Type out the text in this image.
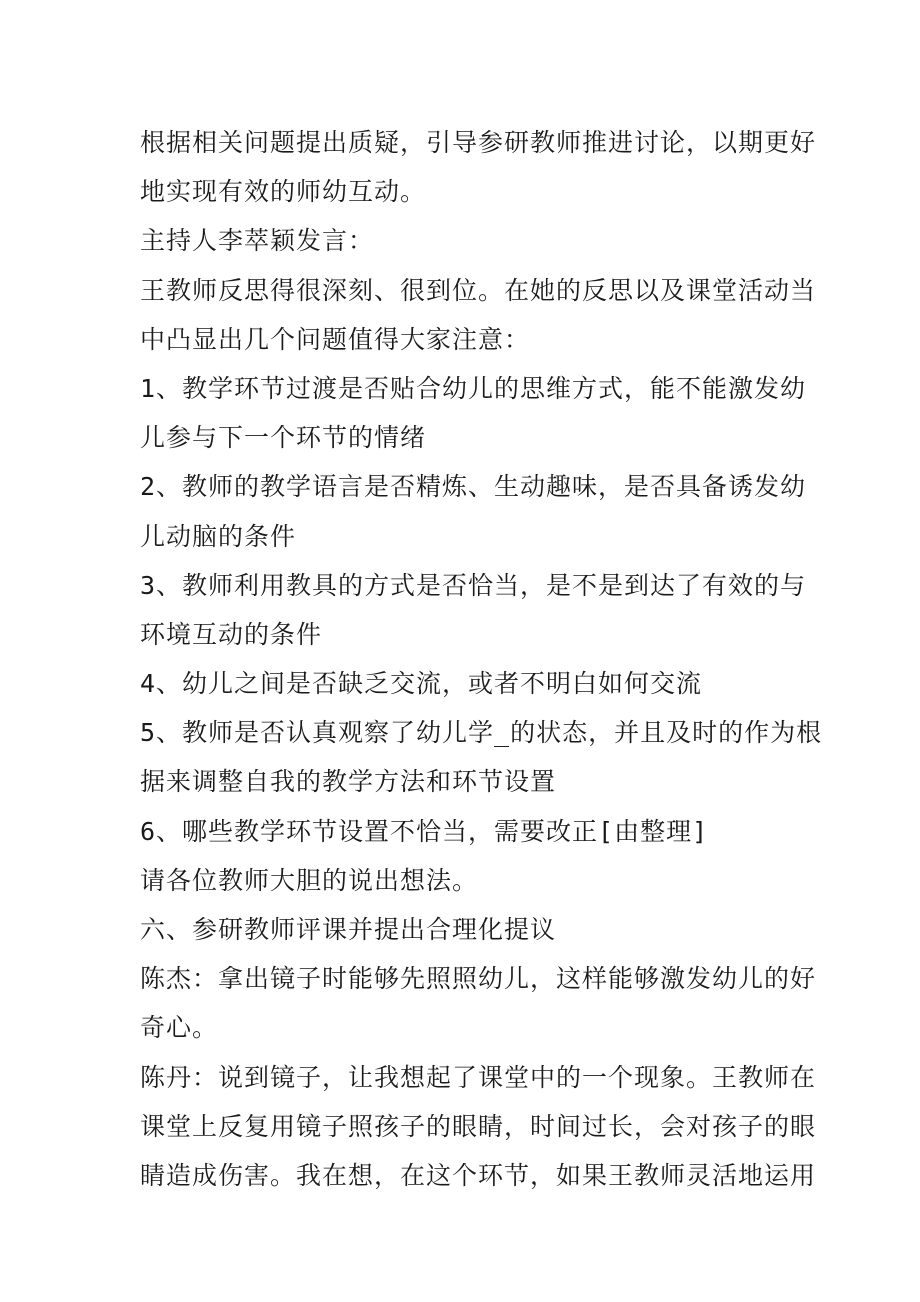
根据相关问题提出质疑，引导参研教师推进讨论，以期更好

地实现有效的师幼互动。

主持人李萃颖发言：

王教师反思得很深刻、很到位。在她的反思以及课堂活动当

中凸显出几个问题值得大家注意：

1、教学环节过渡是否贴合幼儿的思维方式，能不能激发幼

儿参与下一个环节的情绪

2、教师的教学语言是否精炼、生动趣味，是否具备诱发幼

儿动脑的条件

3、教师利用教具的方式是否恰当，是不是到达了有效的与

环境互动的条件

4、幼儿之间是否缺乏交流，或者不明白如何交流

5、教师是否认真观察了幼儿学_的状态，并且及时的作为根

据来调整自我的教学方法和环节设置

6、哪些教学环节设置不恰当，需要改正[由整理]

请各位教师大胆的说出想法。

六、参研教师评课并提出合理化提议

陈杰：拿出镜子时能够先照照幼儿，这样能够激发幼儿的好

奇心。

陈丹：说到镜子，让我想起了课堂中的一个现象。王教师在

课堂上反复用镜子照孩子的眼睛，时间过长，会对孩子的眼

睛造成伤害。我在想，在这个环节，如果王教师灵活地运用
